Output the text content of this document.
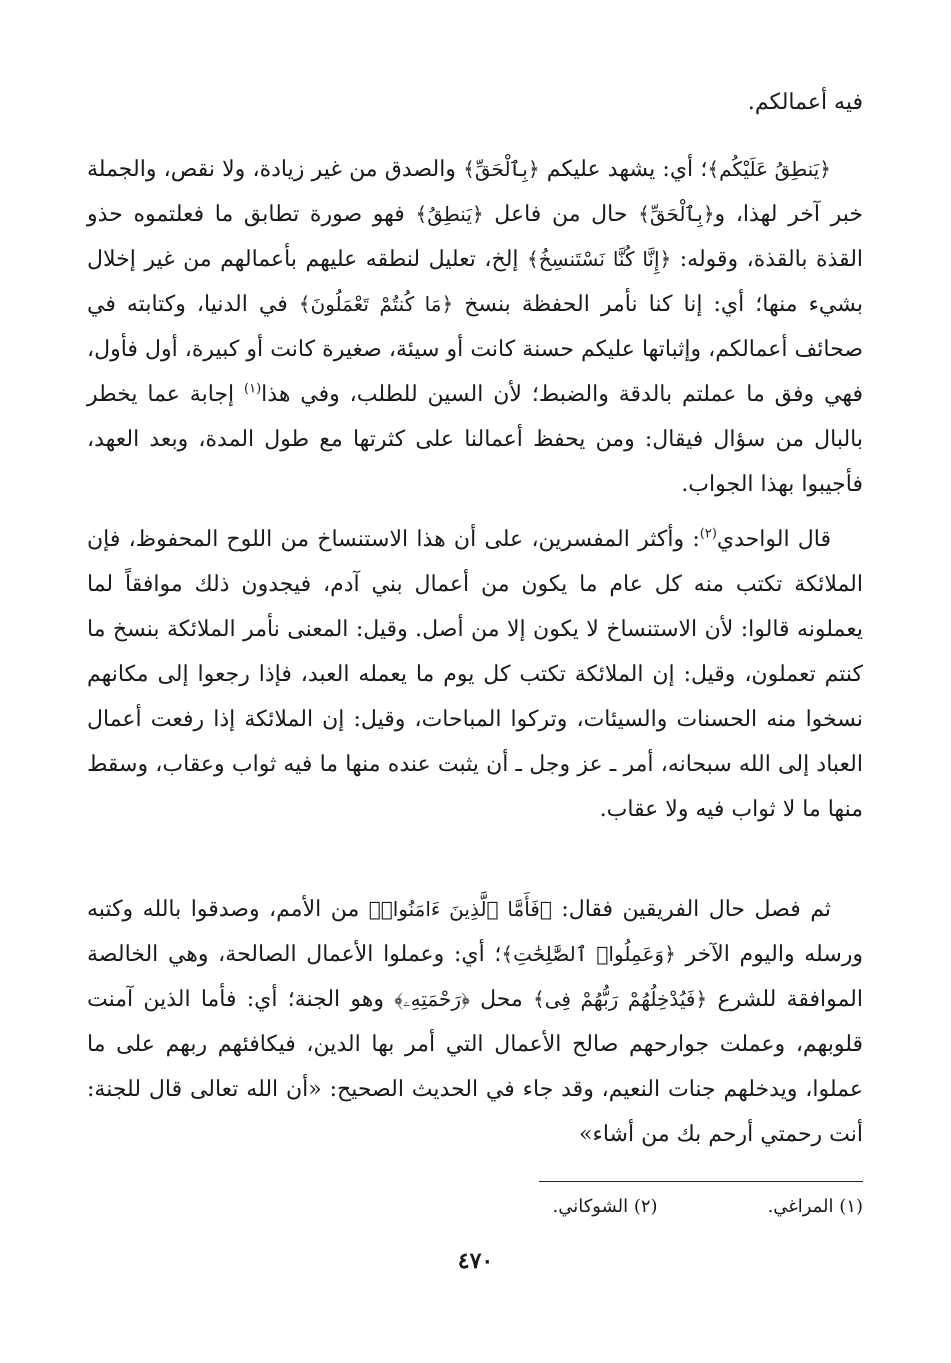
فيه أعمالكم.
﴿يَنطِقُ عَلَيْكُم﴾؛ أي: يشهد عليكم ﴿بِٱلْحَقِّ﴾ والصدق من غير زيادة، ولا نقص، والجملة خبر آخر لهذا، و﴿بِٱلْحَقِّ﴾ حال من فاعل ﴿يَنطِقُ﴾ فهو صورة تطابق ما فعلتموه حذو القذة بالقذة، وقوله: ﴿إِنَّا كُنَّا نَسْتَنسِخُ﴾ إلخ، تعليل لنطقه عليهم بأعمالهم من غير إخلال بشيء منها؛ أي: إنا كنا نأمر الحفظة بنسخ ﴿مَا كُنتُمْ تَعْمَلُونَ﴾ في الدنيا، وكتابته في صحائف أعمالكم، وإثباتها عليكم حسنة كانت أو سيئة، صغيرة كانت أو كبيرة، أول فأول، فهي وفق ما عملتم بالدقة والضبط؛ لأن السين للطلب، وفي هذا$^{(١)}$ إجابة عما يخطر بالبال من سؤال فيقال: ومن يحفظ أعمالنا على كثرتها مع طول المدة، وبعد العهد، فأجيبوا بهذا الجواب.
قال الواحدي$^{(٢)}$: وأكثر المفسرين، على أن هذا الاستنساخ من اللوح المحفوظ، فإن الملائكة تكتب منه كل عام ما يكون من أعمال بني آدم، فيجدون ذلك موافقاً لما يعملونه قالوا: لأن الاستنساخ لا يكون إلا من أصل. وقيل: المعنى نأمر الملائكة بنسخ ما كنتم تعملون، وقيل: إن الملائكة تكتب كل يوم ما يعمله العبد، فإذا رجعوا إلى مكانهم نسخوا منه الحسنات والسيئات، وتركوا المباحات، وقيل: إن الملائكة إذا رفعت أعمال العباد إلى الله سبحانه، أمر ـ عز وجل ـ أن يثبت عنده منها ما فيه ثواب وعقاب، وسقط منها ما لا ثواب فيه ولا عقاب.
ثم فصل حال الفريقين فقال: ﴿فَأَمَّا ٱلَّذِينَ ءَامَنُوا۟﴾ من الأمم، وصدقوا بالله وكتبه ورسله واليوم الآخر ﴿وَعَمِلُوا۟ ٱلصَّٰلِحَٰتِ﴾؛ أي: وعملوا الأعمال الصالحة، وهي الخالصة الموافقة للشرع ﴿فَيُدْخِلُهُمْ رَبُّهُمْ فِى﴾ محل ﴿رَحْمَتِهِۦ﴾ وهو الجنة؛ أي: فأما الذين آمنت قلوبهم، وعملت جوارحهم صالح الأعمال التي أمر بها الدين، فيكافئهم ربهم على ما عملوا، ويدخلهم جنات النعيم، وقد جاء في الحديث الصحيح: «أن الله تعالى قال للجنة: أنت رحمتي أرحم بك من أشاء»
(١) المراغي.
(٢) الشوكاني.
٤٧٠
